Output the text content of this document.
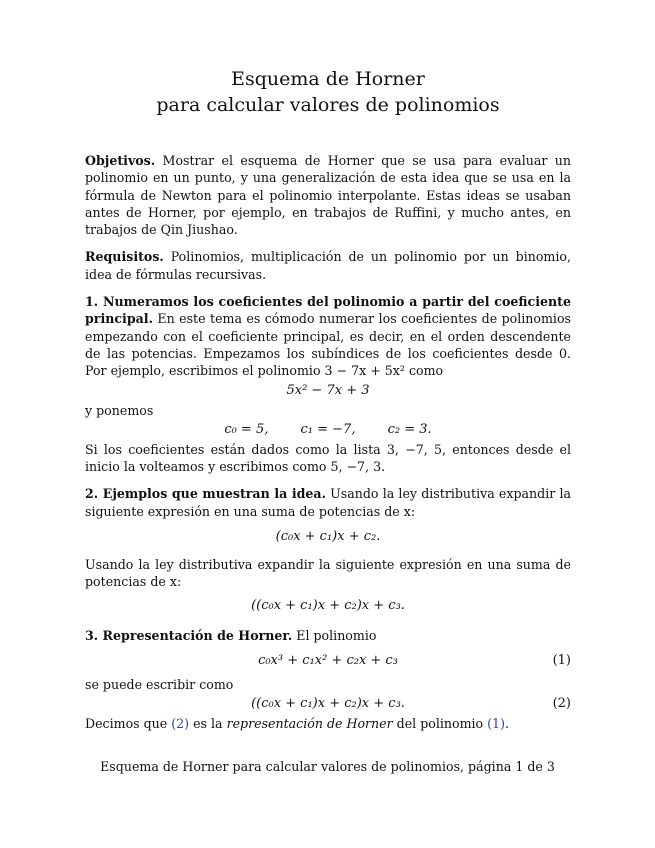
Esquema de Horner
para calcular valores de polinomios

Objetivos. Mostrar el esquema de Horner que se usa para evaluar un polinomio en un punto, y una generalización de esta idea que se usa en la fórmula de Newton para el polinomio interpolante. Estas ideas se usaban antes de Horner, por ejemplo, en trabajos de Ruffini, y mucho antes, en trabajos de Qin Jiushao.

Requisitos. Polinomios, multiplicación de un polinomio por un binomio, idea de fórmulas recursivas.

1. Numeramos los coeficientes del polinomio a partir del coeficiente principal. En este tema es cómodo numerar los coeficientes de polinomios empezando con el coeficiente principal, es decir, en el orden descendente de las potencias. Empezamos los subíndices de los coeficientes desde 0. Por ejemplo, escribimos el polinomio 3 − 7x + 5x² como

5x² − 7x + 3

y ponemos

c₀ = 5, c₁ = −7, c₂ = 3.

Si los coeficientes están dados como la lista 3, −7, 5, entonces desde el inicio la volteamos y escribimos como 5, −7, 3.

2. Ejemplos que muestran la idea. Usando la ley distributiva expandir la siguiente expresión en una suma de potencias de x:

(c₀x + c₁)x + c₂.

Usando la ley distributiva expandir la siguiente expresión en una suma de potencias de x:

((c₀x + c₁)x + c₂)x + c₃.

3. Representación de Horner. El polinomio

c₀x³ + c₁x² + c₂x + c₃	(1)

se puede escribir como

((c₀x + c₁)x + c₂)x + c₃.	(2)

Decimos que (2) es la representación de Horner del polinomio (1).

Esquema de Horner para calcular valores de polinomios, página 1 de 3
